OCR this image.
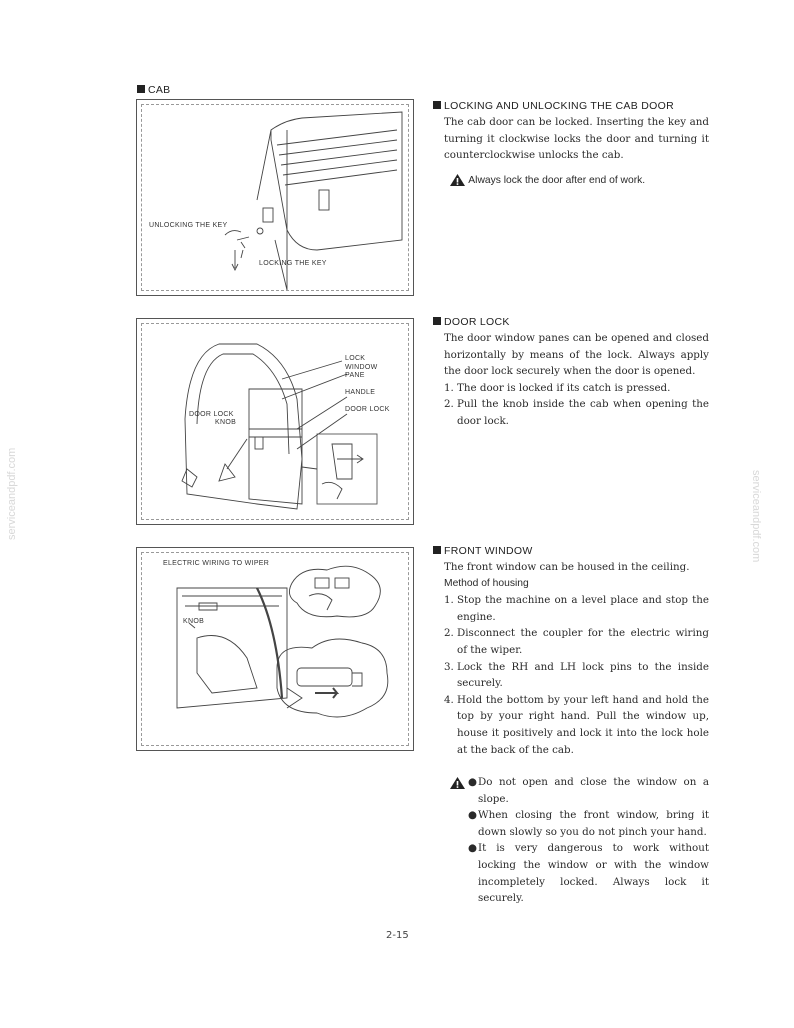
CAB
UNLOCKING THE KEY
LOCKING THE KEY
LOCKING AND UNLOCKING THE CAB DOOR

The cab door can be locked. Inserting the key and turning it clockwise locks the door and turning it counterclockwise unlocks the cab.

Always lock the door after end of work.
LOCK
WINDOW
PANE
HANDLE
DOOR LOCK
DOOR LOCK
KNOB
DOOR LOCK

The door window panes can be opened and closed horizontally by means of the lock. Always apply the door lock securely when the door is opened.

1. The door is locked if its catch is pressed.

2. Pull the knob inside the cab when opening the door lock.

ELECTRIC WIRING TO WIPER
KNOB
FRONT WINDOW

The front window can be housed in the ceiling.

Method of housing

1. Stop the machine on a level place and stop the engine.

2. Disconnect the coupler for the electric wiring of the wiper.

3. Lock the RH and LH lock pins to the inside securely.

4. Hold the bottom by your left hand and hold the top by your right hand. Pull the window up, house it positively and lock it into the lock hole at the back of the cab.

● Do not open and close the window on a slope.

● When closing the front window, bring it down slowly so you do not pinch your hand.

● It is very dangerous to work without locking the window or with the window incompletely locked. Always lock it securely.

2-15
serviceandpdf.com	serviceandpdf.com
